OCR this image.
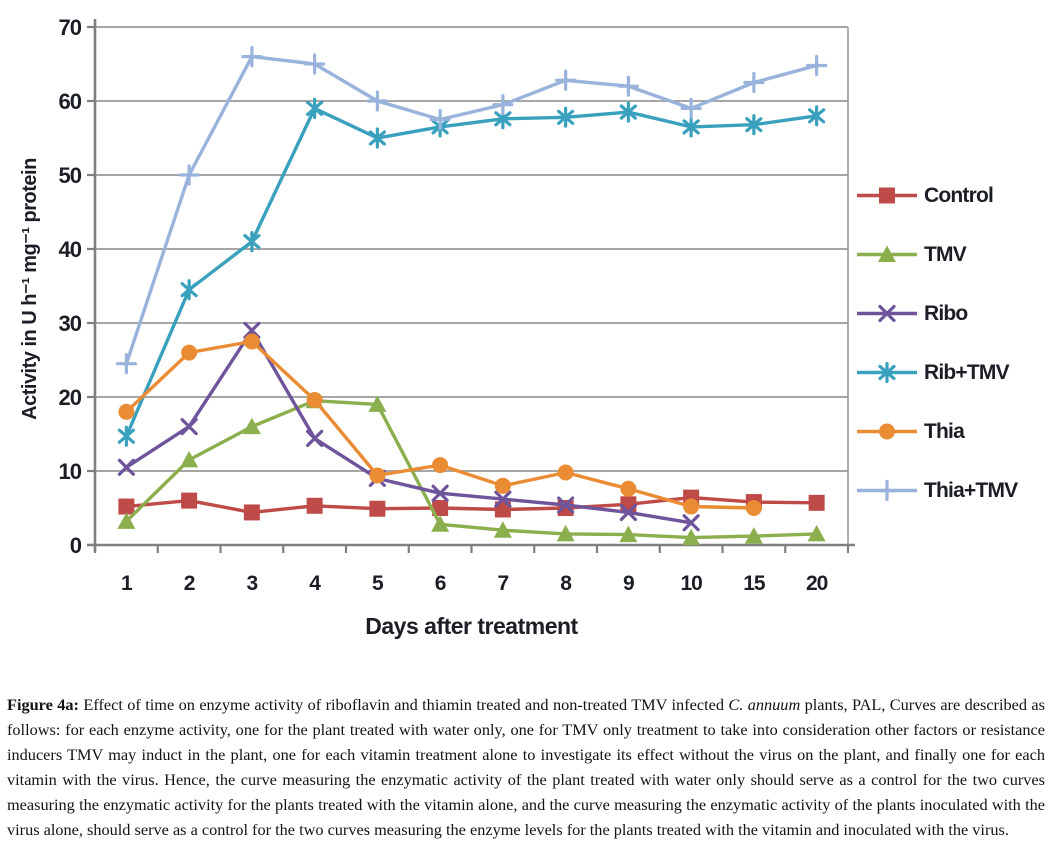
0
10
20
30
40
50
60
70
1 2 3 4 5 6 7 8 9 10 15 20
Activity in U h⁻¹ mg⁻¹ protein
Days after treatment
Control
TMV
Ribo
Rib+TMV
Thia
Thia+TMV

Figure 4a: Effect of time on enzyme activity of riboflavin and thiamin treated and non-treated TMV infected C. annuum plants, PAL, Curves are described as follows: for each enzyme activity, one for the plant treated with water only, one for TMV only treatment to take into consideration other factors or resistance inducers TMV may induct in the plant, one for each vitamin treatment alone to investigate its effect without the virus on the plant, and finally one for each vitamin with the virus. Hence, the curve measuring the enzymatic activity of the plant treated with water only should serve as a control for the two curves measuring the enzymatic activity for the plants treated with the vitamin alone, and the curve measuring the enzymatic activity of the plants inoculated with the virus alone, should serve as a control for the two curves measuring the enzyme levels for the plants treated with the vitamin and inoculated with the virus.
